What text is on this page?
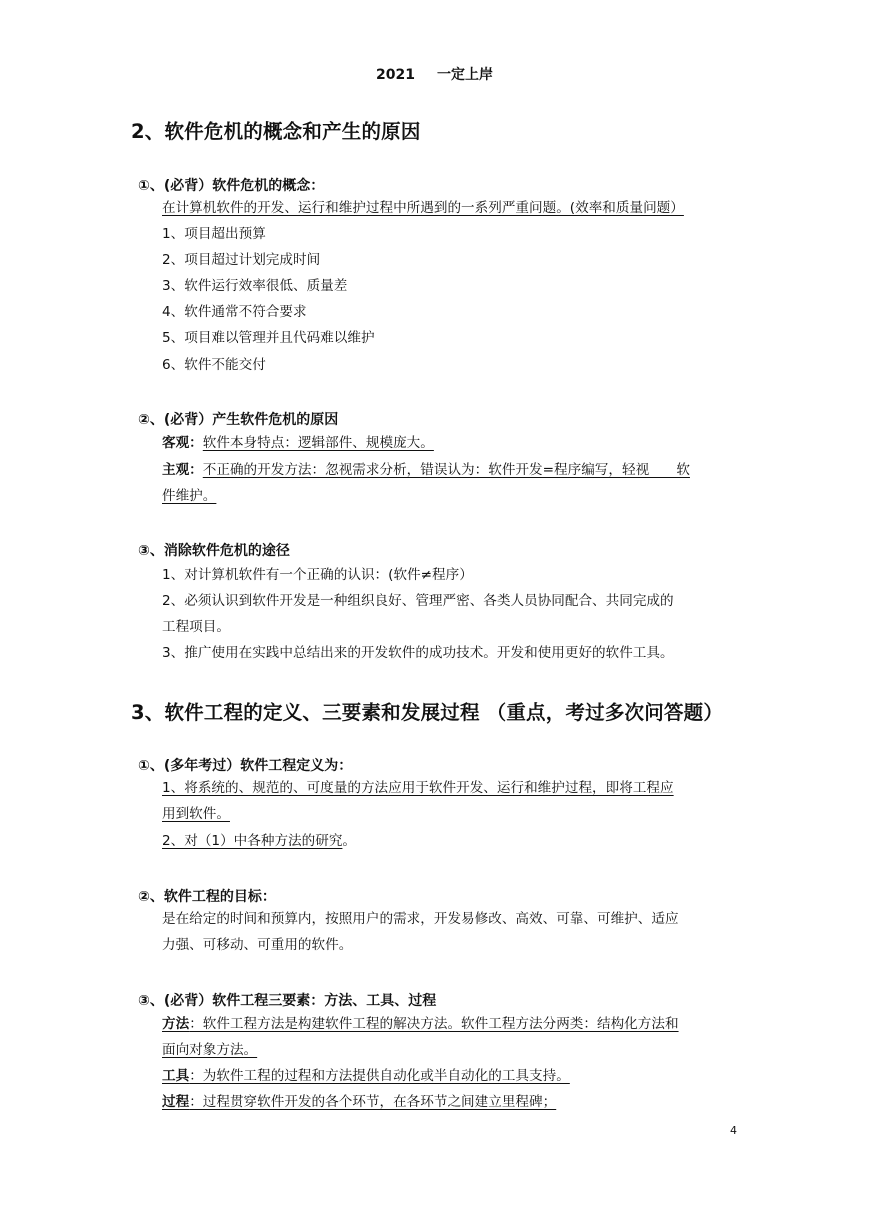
2021 一定上岸
2、软件危机的概念和产生的原因

①、(必背）软件危机的概念：

在计算机软件的开发、运行和维护过程中所遇到的一系列严重问题。(效率和质量问题）

1、项目超出预算

2、项目超过计划完成时间

3、软件运行效率很低、质量差

4、软件通常不符合要求

5、项目难以管理并且代码难以维护

6、软件不能交付

②、(必背）产生软件危机的原因

客观：软件本身特点：逻辑部件、规模庞大。

主观：不正确的开发方法：忽视需求分析，错误认为：软件开发=程序编写，轻视　　软

件维护。

③、消除软件危机的途径

1、对计算机软件有一个正确的认识：(软件≠程序）

2、必须认识到软件开发是一种组织良好、管理严密、各类人员协同配合、共同完成的

工程项目。

3、推广使用在实践中总结出来的开发软件的成功技术。开发和使用更好的软件工具。

3、软件工程的定义、三要素和发展过程 （重点，考过多次问答题）

①、(多年考过）软件工程定义为：

1、将系统的、规范的、可度量的方法应用于软件开发、运行和维护过程，即将工程应

用到软件。

2、对（1）中各种方法的研究。

②、软件工程的目标：

是在给定的时间和预算内，按照用户的需求，开发易修改、高效、可靠、可维护、适应

力强、可移动、可重用的软件。

③、(必背）软件工程三要素：方法、工具、过程

方法：软件工程方法是构建软件工程的解决方法。软件工程方法分两类：结构化方法和

面向对象方法。

工具：为软件工程的过程和方法提供自动化或半自动化的工具支持。

过程：过程贯穿软件开发的各个环节，在各环节之间建立里程碑；

4
